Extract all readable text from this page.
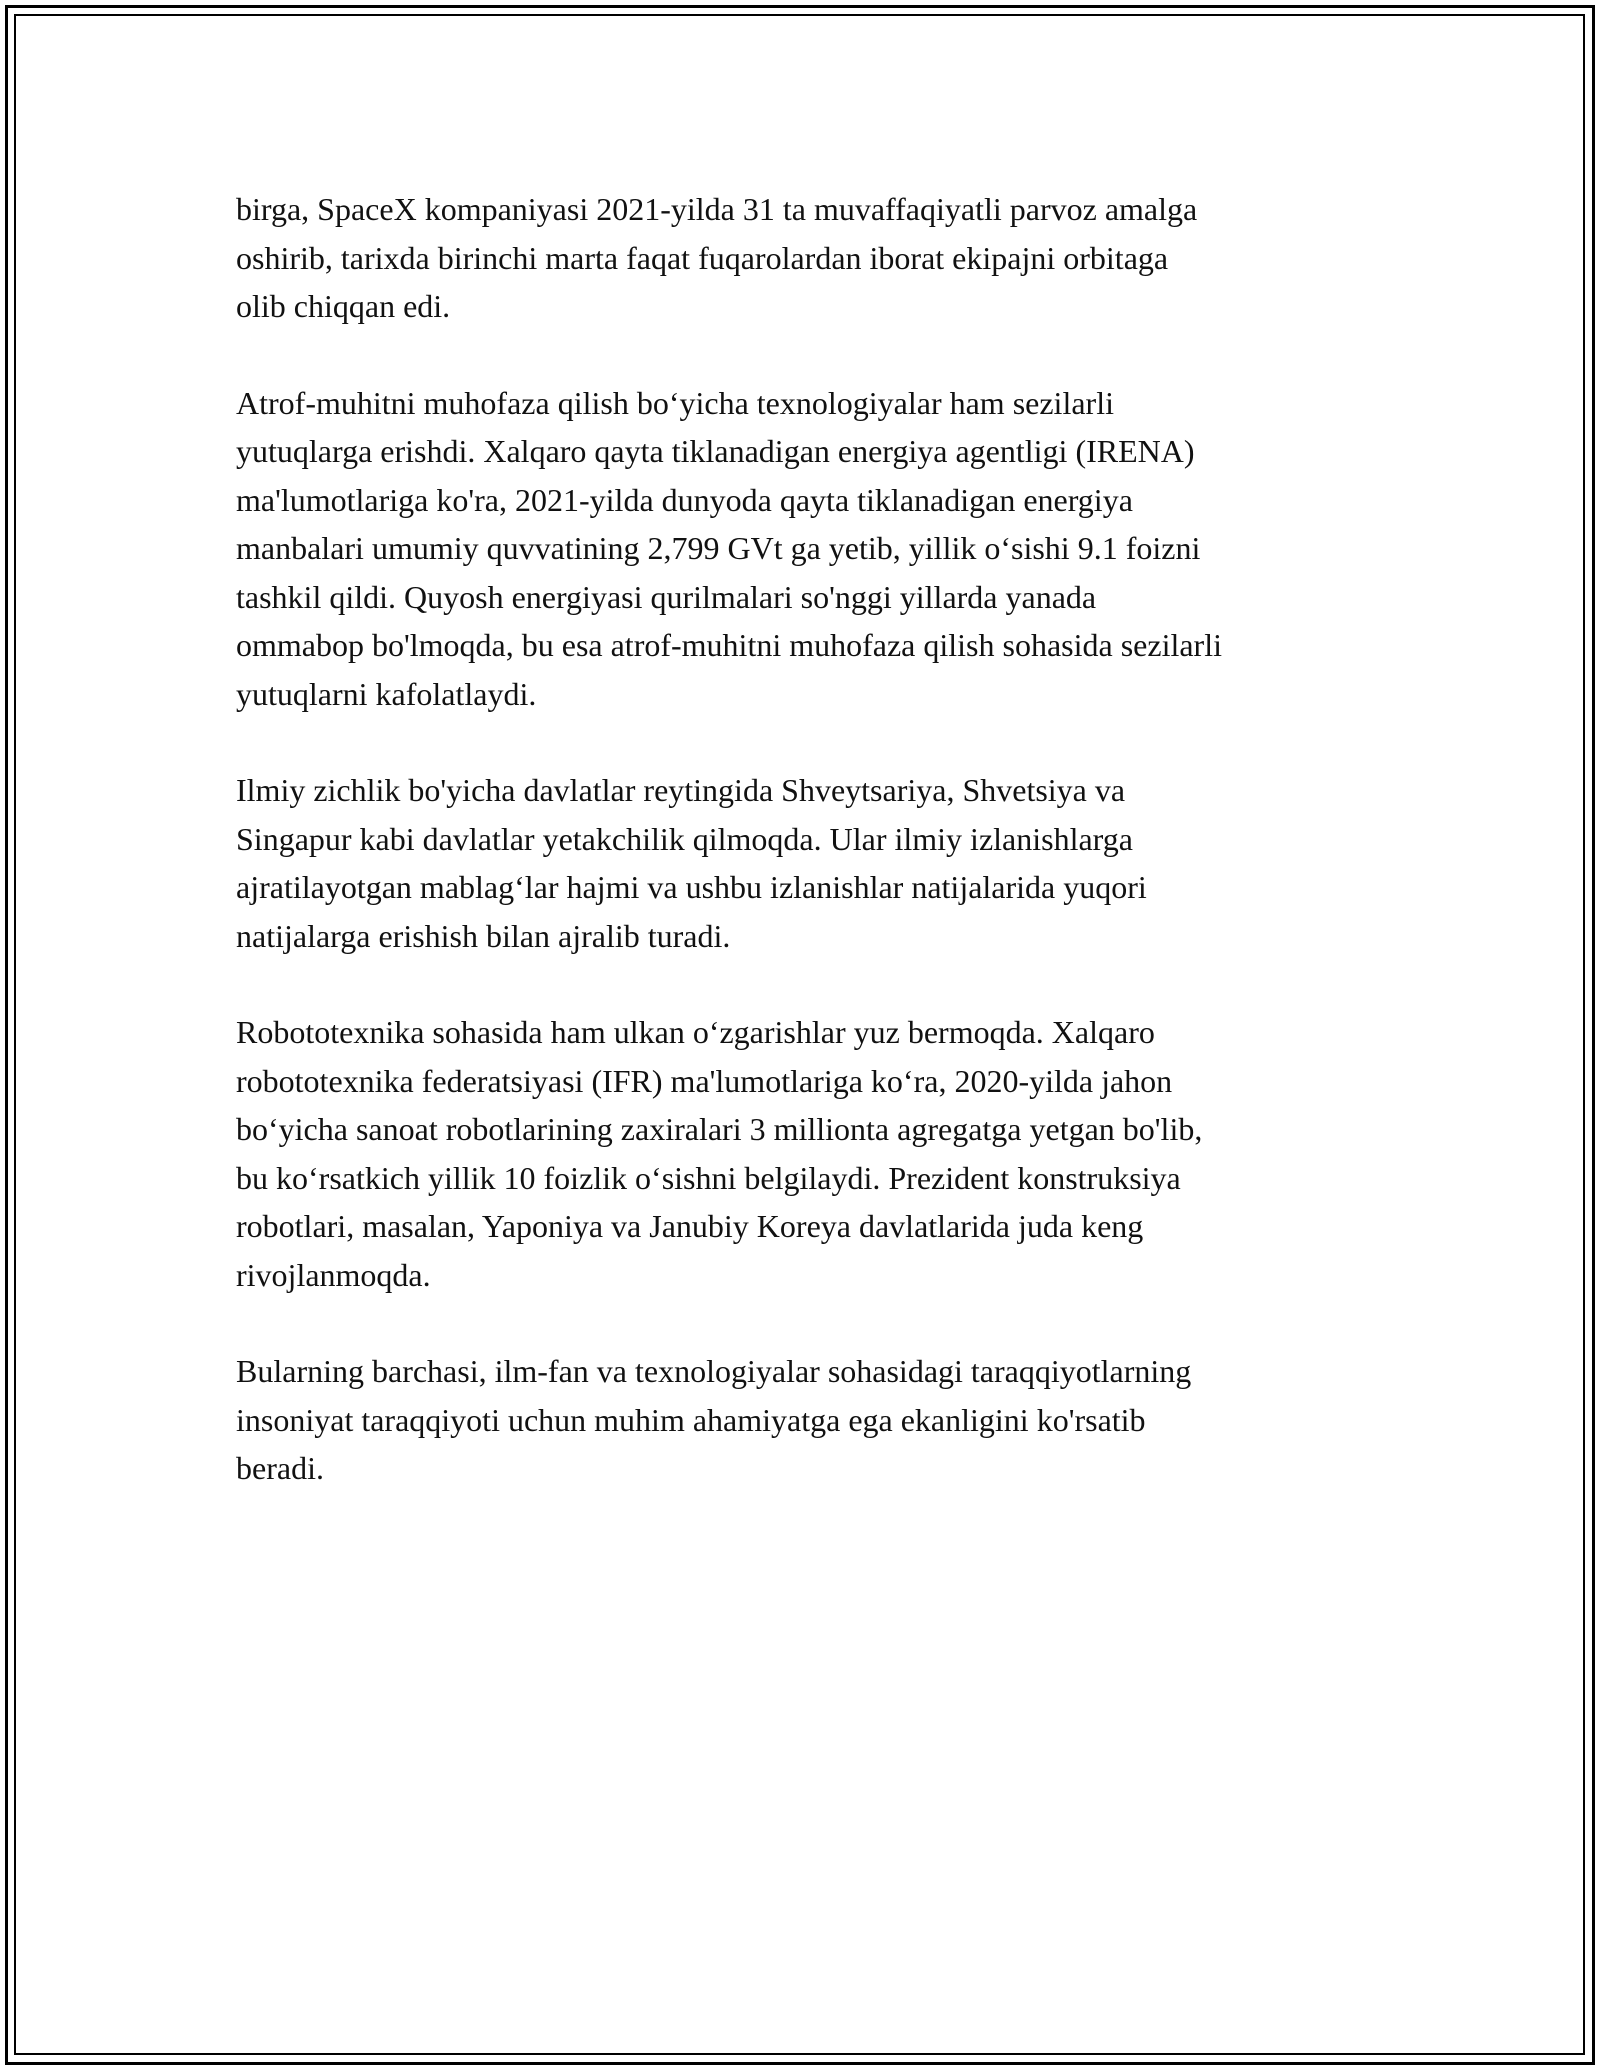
birga, SpaceX kompaniyasi 2021-yilda 31 ta muvaffaqiyatli parvoz amalga
oshirib, tarixda birinchi marta faqat fuqarolardan iborat ekipajni orbitaga
olib chiqqan edi.

Atrof-muhitni muhofaza qilish bo‘yicha texnologiyalar ham sezilarli
yutuqlarga erishdi. Xalqaro qayta tiklanadigan energiya agentligi (IRENA)
ma'lumotlariga ko'ra, 2021-yilda dunyoda qayta tiklanadigan energiya
manbalari umumiy quvvatining 2,799 GVt ga yetib, yillik o‘sishi 9.1 foizni
tashkil qildi. Quyosh energiyasi qurilmalari so'nggi yillarda yanada
ommabop bo'lmoqda, bu esa atrof-muhitni muhofaza qilish sohasida sezilarli
yutuqlarni kafolatlaydi.

Ilmiy zichlik bo'yicha davlatlar reytingida Shveytsariya, Shvetsiya va
Singapur kabi davlatlar yetakchilik qilmoqda. Ular ilmiy izlanishlarga
ajratilayotgan mablag‘lar hajmi va ushbu izlanishlar natijalarida yuqori
natijalarga erishish bilan ajralib turadi.

Robototexnika sohasida ham ulkan o‘zgarishlar yuz bermoqda. Xalqaro
robototexnika federatsiyasi (IFR) ma'lumotlariga ko‘ra, 2020-yilda jahon
bo‘yicha sanoat robotlarining zaxiralari 3 millionta agregatga yetgan bo'lib,
bu ko‘rsatkich yillik 10 foizlik o‘sishni belgilaydi. Prezident konstruksiya
robotlari, masalan, Yaponiya va Janubiy Koreya davlatlarida juda keng
rivojlanmoqda.

Bularning barchasi, ilm-fan va texnologiyalar sohasidagi taraqqiyotlarning
insoniyat taraqqiyoti uchun muhim ahamiyatga ega ekanligini ko'rsatib
beradi.
